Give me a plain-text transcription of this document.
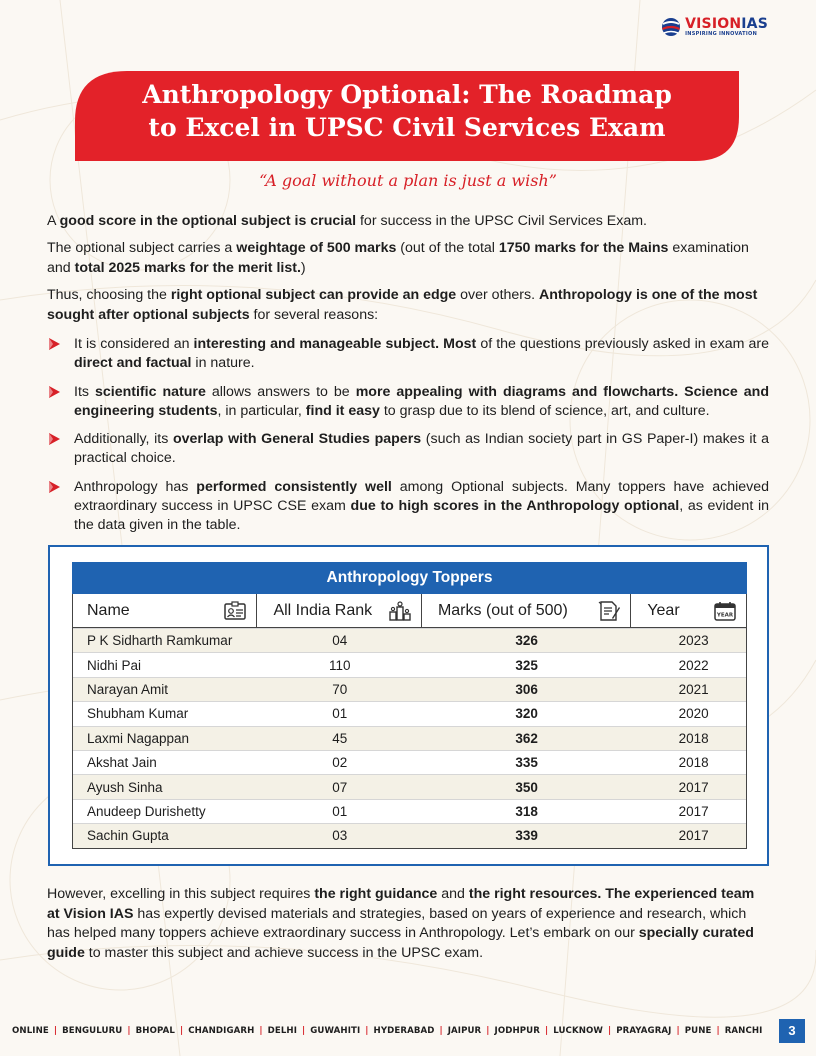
VISIONIAS
INSPIRING INNOVATION
Anthropology Optional: The Roadmap
to Excel in UPSC Civil Services Exam
“A goal without a plan is just a wish”

A good score in the optional subject is crucial for success in the UPSC Civil Services Exam.

The optional subject carries a weightage of 500 marks (out of the total 1750 marks for the Mains examination and total 2025 marks for the merit list.)

Thus, choosing the right optional subject can provide an edge over others. Anthropology is one of the most sought after optional subjects for several reasons:

It is considered an interesting and manageable subject. Most of the questions previously asked in exam are direct and factual in nature.
Its scientific nature allows answers to be more appealing with diagrams and flowcharts. Science and engineering students, in particular, find it easy to grasp due to its blend of science, art, and culture.
Additionally, its overlap with General Studies papers (such as Indian society part in GS Paper-I) makes it a practical choice.
Anthropology has performed consistently well among Optional subjects. Many toppers have achieved extraordinary success in UPSC CSE exam due to high scores in the Anthropology optional, as evident in the data given in the table.
Anthropology Toppers
Name	All India Rank	Marks (out of 500)	Year	YEAR
P K Sidharth Ramkumar	04	326	2023
Nidhi Pai	110	325	2022
Narayan Amit	70	306	2021
Shubham Kumar	01	320	2020
Laxmi Nagappan	45	362	2018
Akshat Jain	02	335	2018
Ayush Sinha	07	350	2017
Anudeep Durishetty	01	318	2017
Sachin Gupta	03	339	2017

However, excelling in this subject requires the right guidance and the right resources. The experienced team at Vision IAS has expertly devised materials and strategies, based on years of experience and research, which has helped many toppers achieve extraordinary success in Anthropology. Let’s embark on our specially curated guide to master this subject and achieve success in the UPSC exam.

ONLINE | BENGULURU | BHOPAL | CHANDIGARH | DELHI | GUWAHITI | HYDERABAD | JAIPUR | JODHPUR | LUCKNOW | PRAYAGRAJ | PUNE | RANCHI	3
